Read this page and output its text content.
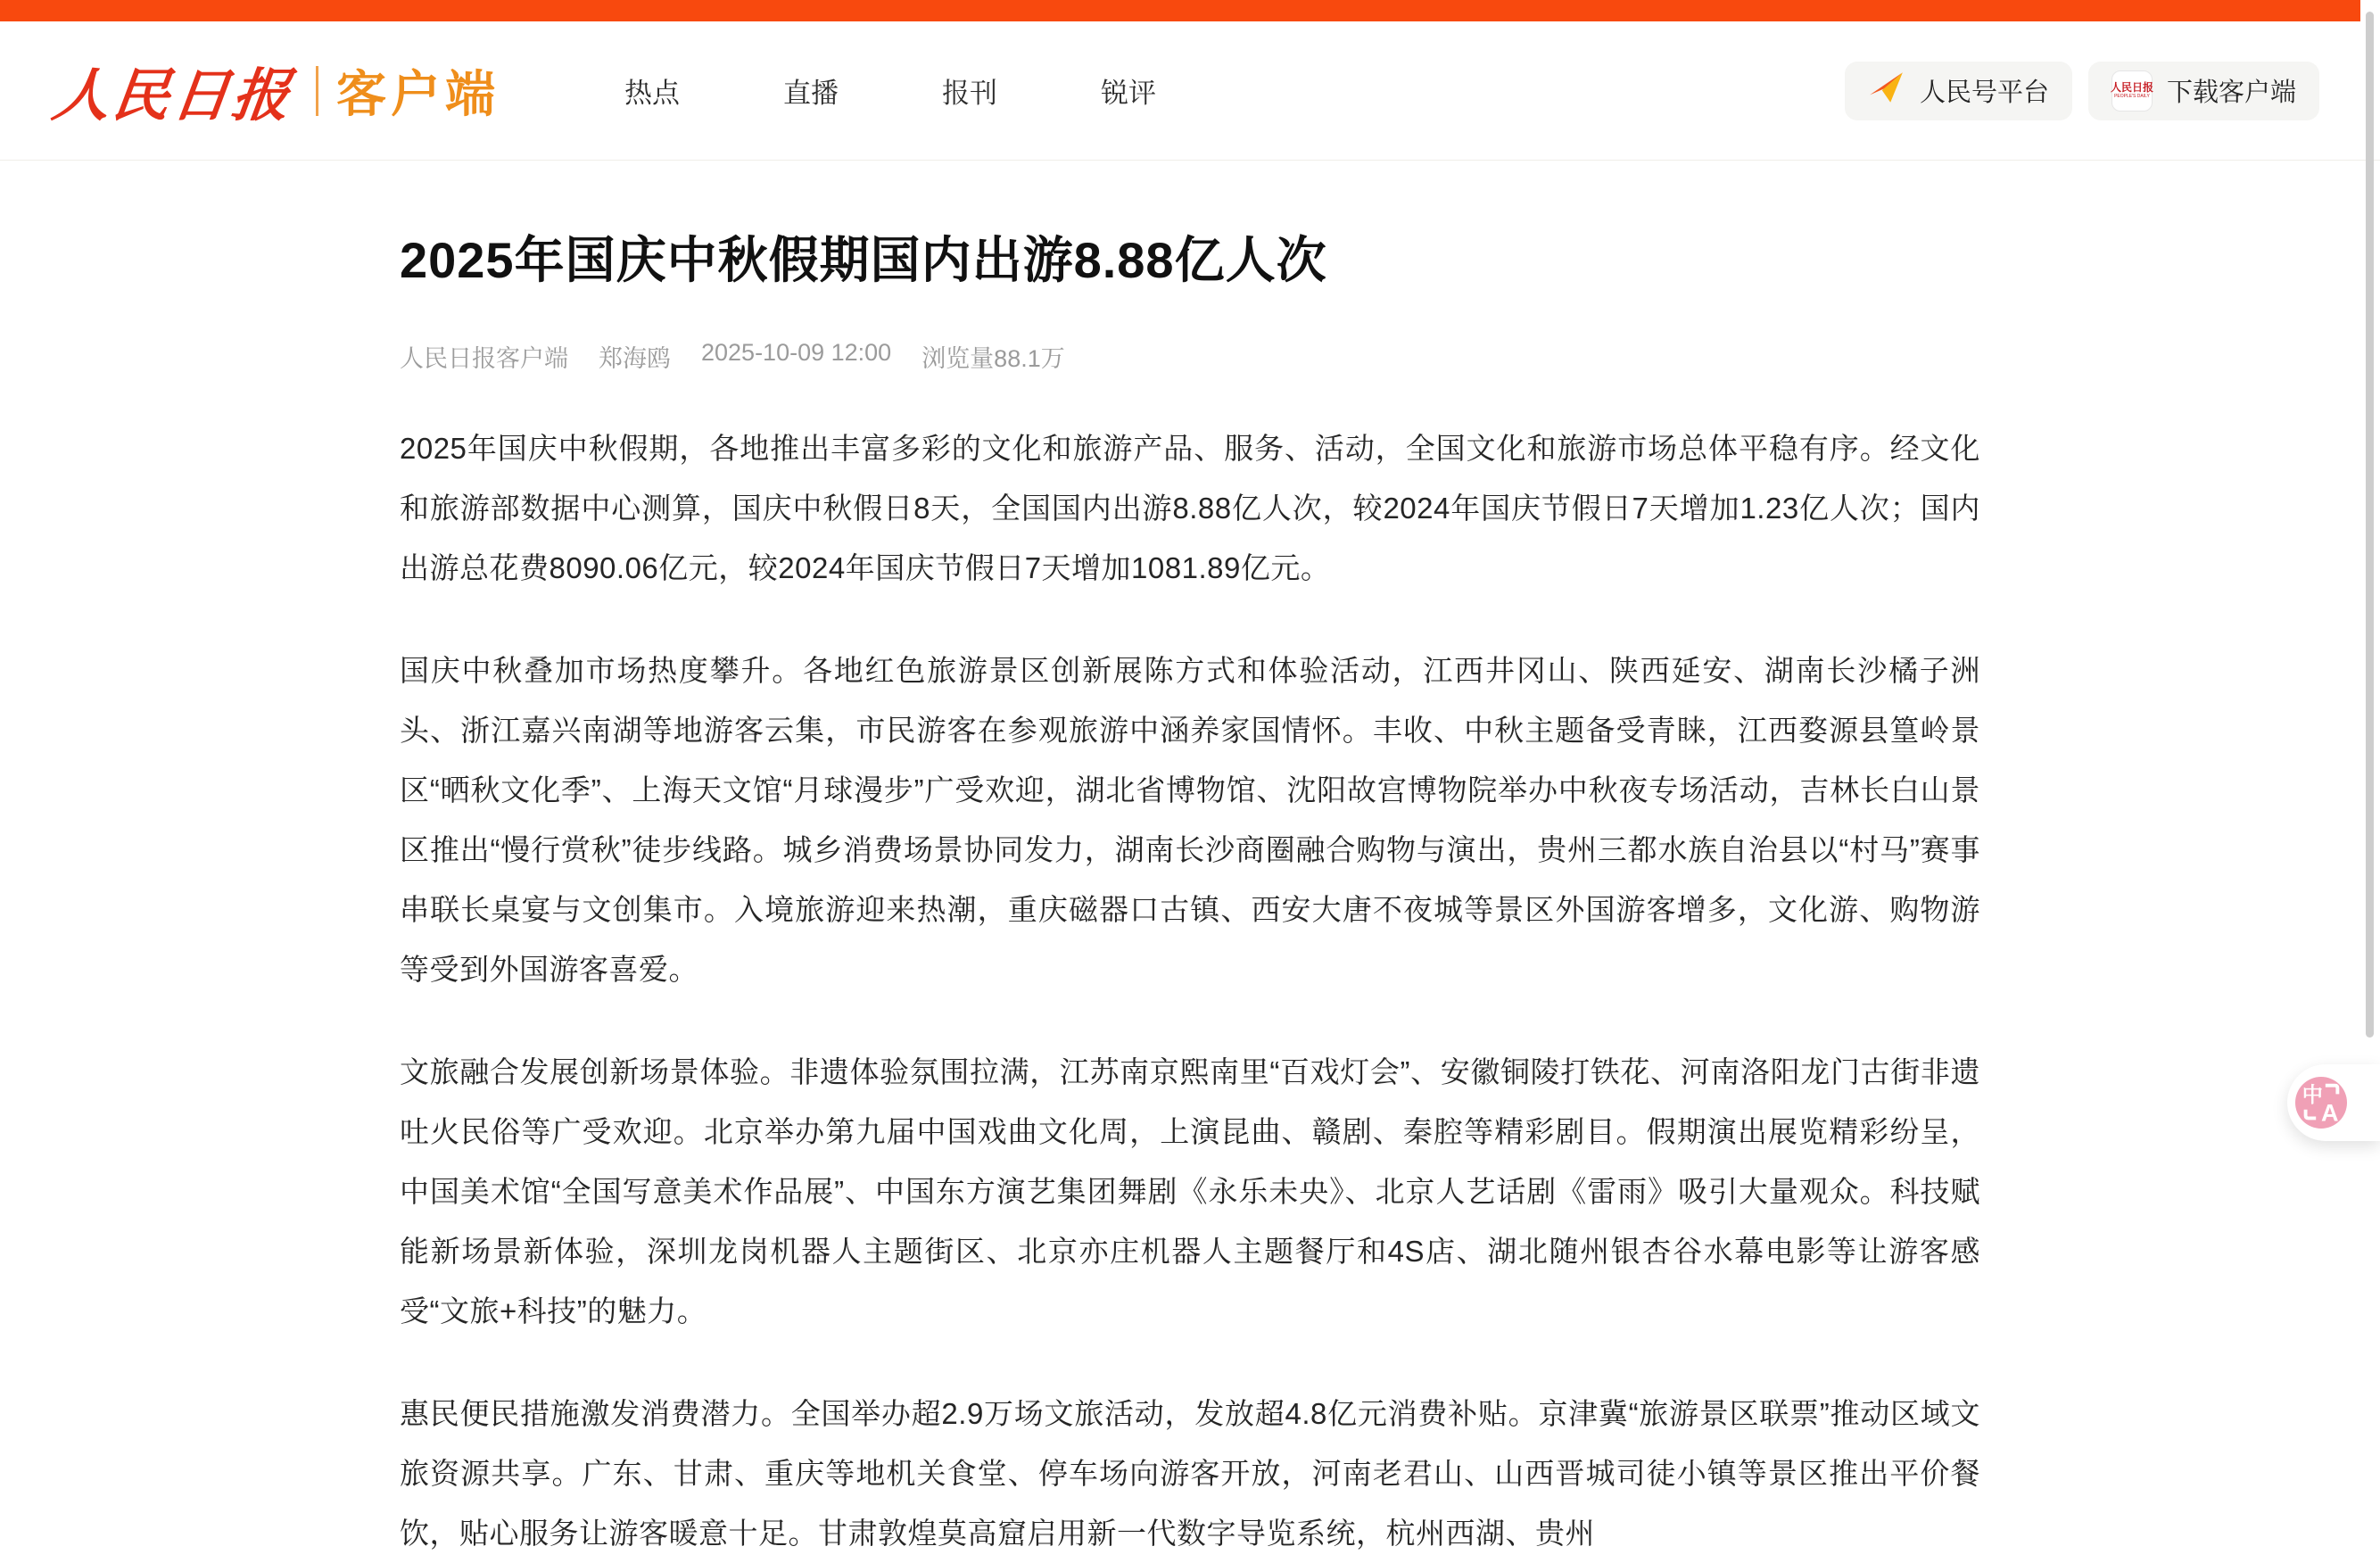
人民日报 客户端	热点	直播	报刊	锐评	人民号平台	人民日报
PEOPLE'S DAILY 下载客户端
2025年国庆中秋假期国内出游8.88亿人次
人民日报客户端 郑海鸥 2025-10-09 12:00 浏览量88.1万

2025年国庆中秋假期，各地推出丰富多彩的文化和旅游产品、服务、活动，全国文化和旅游市场总体平稳有序。经文化和旅游部数据中心测算，国庆中秋假日8天，全国国内出游8.88亿人次，较2024年国庆节假日7天增加1.23亿人次；国内出游总花费8090.06亿元，较2024年国庆节假日7天增加1081.89亿元。

国庆中秋叠加市场热度攀升。各地红色旅游景区创新展陈方式和体验活动，江西井冈山、陕西延安、湖南长沙橘子洲头、浙江嘉兴南湖等地游客云集，市民游客在参观旅游中涵养家国情怀。丰收、中秋主题备受青睐，江西婺源县篁岭景区“晒秋文化季”、上海天文馆“月球漫步”广受欢迎，湖北省博物馆、沈阳故宫博物院举办中秋夜专场活动，吉林长白山景区推出“慢行赏秋”徒步线路。城乡消费场景协同发力，湖南长沙商圈融合购物与演出，贵州三都水族自治县以“村马”赛事串联长桌宴与文创集市。入境旅游迎来热潮，重庆磁器口古镇、西安大唐不夜城等景区外国游客增多，文化游、购物游等受到外国游客喜爱。

文旅融合发展创新场景体验。非遗体验氛围拉满，江苏南京熙南里“百戏灯会”、安徽铜陵打铁花、河南洛阳龙门古街非遗吐火民俗等广受欢迎。北京举办第九届中国戏曲文化周，上演昆曲、赣剧、秦腔等精彩剧目。假期演出展览精彩纷呈，中国美术馆“全国写意美术作品展”、中国东方演艺集团舞剧《永乐未央》、北京人艺话剧《雷雨》吸引大量观众。科技赋能新场景新体验，深圳龙岗机器人主题街区、北京亦庄机器人主题餐厅和4S店、湖北随州银杏谷水幕电影等让游客感受“文旅+科技”的魅力。

惠民便民措施激发消费潜力。全国举办超2.9万场文旅活动，发放超4.8亿元消费补贴。京津冀“旅游景区联票”推动区域文旅资源共享。广东、甘肃、重庆等地机关食堂、停车场向游客开放，河南老君山、山西晋城司徒小镇等景区推出平价餐饮，贴心服务让游客暖意十足。甘肃敦煌莫高窟启用新一代数字导览系统，杭州西湖、贵州

中
A
